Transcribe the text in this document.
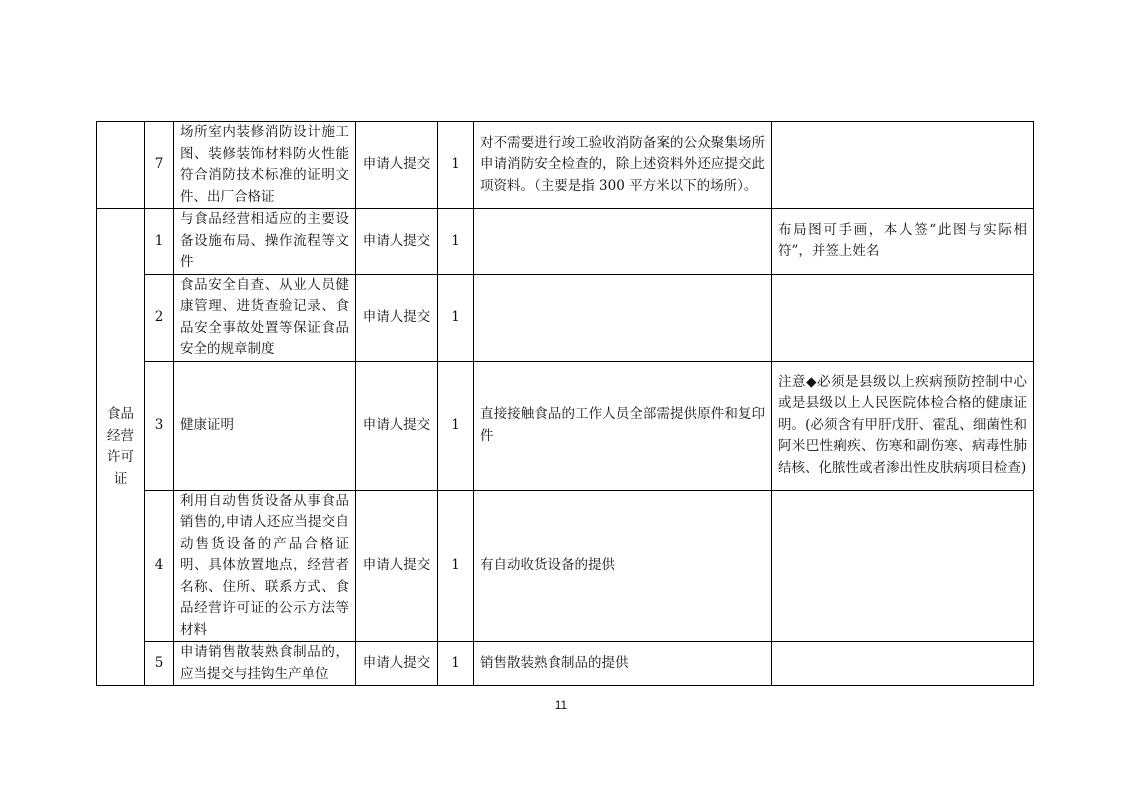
	7	场所室内装修消防设计施工图、装修装饰材料防火性能符合消防技术标准的证明文件、出厂合格证	申请人提交	1	对不需要进行竣工验收消防备案的公众聚集场所申请消防安全检查的，除上述资料外还应提交此项资料。（主要是指 300 平方米以下的场所）。	

食品经营许可证	1	与食品经营相适应的主要设备设施布局、操作流程等文件	申请人提交	1		布局图可手画，本人签“此图与实际相符”，并签上姓名
	2	食品安全自查、从业人员健康管理、进货查验记录、食品安全事故处置等保证食品安全的规章制度	申请人提交	1		
	3	健康证明	申请人提交	1	直接接触食品的工作人员全部需提供原件和复印件	注意◆必须是县级以上疾病预防控制中心或是县级以上人民医院体检合格的健康证明。(必须含有甲肝戊肝、霍乱、细菌性和阿米巴性痢疾、伤寒和副伤寒、病毒性肺结核、化脓性或者渗出性皮肤病项目检查)
	4	利用自动售货设备从事食品销售的,申请人还应当提交自动售货设备的产品合格证明、具体放置地点，经营者名称、住所、联系方式、食品经营许可证的公示方法等材料	申请人提交	1	有自动收货设备的提供	
	5	申请销售散装熟食制品的，应当提交与挂钩生产单位	申请人提交	1	销售散装熟食制品的提供	
11
